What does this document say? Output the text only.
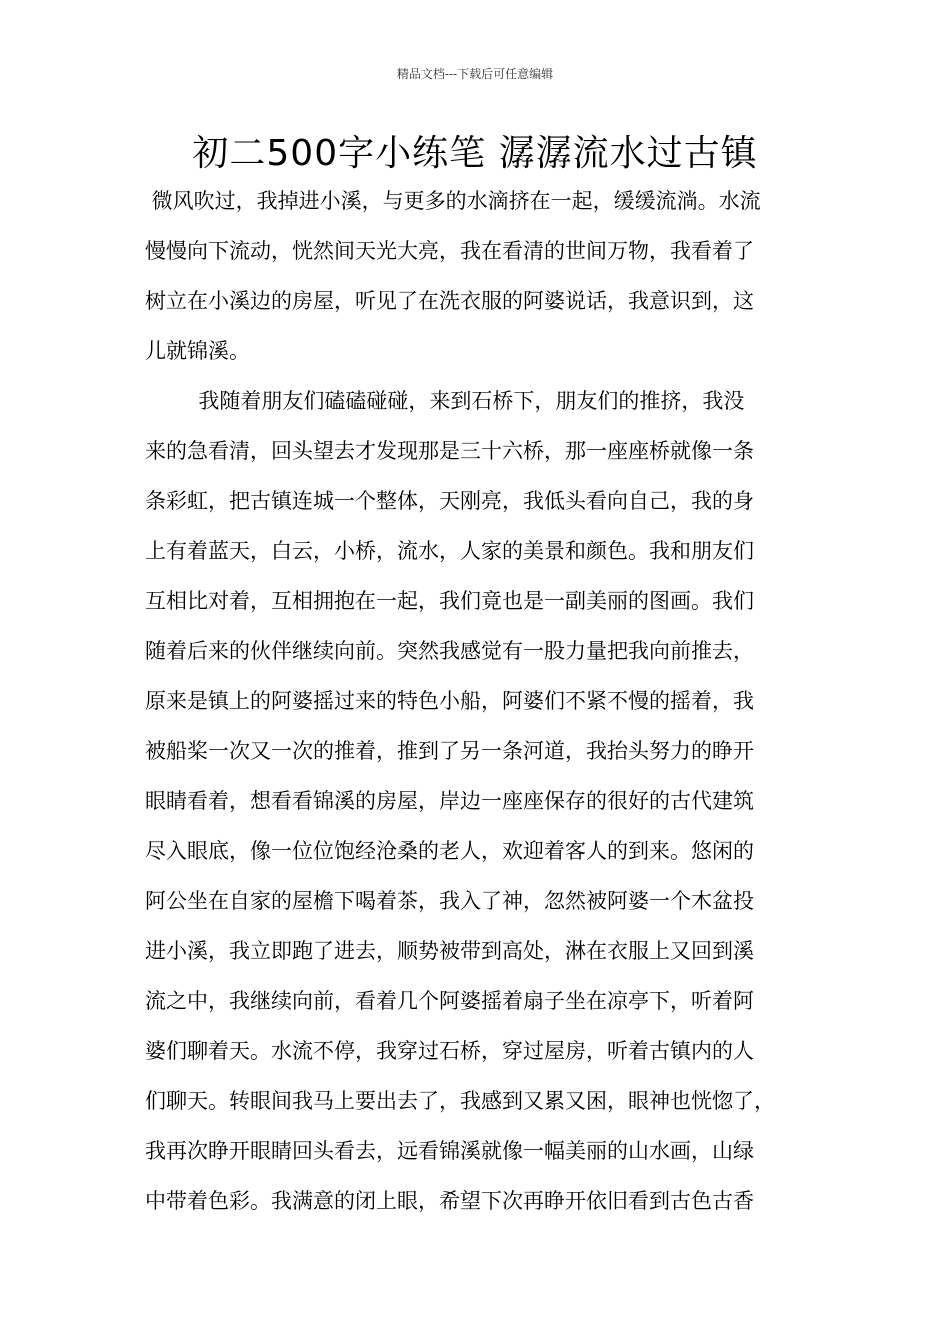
精品文档---下载后可任意编辑
初二500字小练笔 潺潺流水过古镇
微风吹过，我掉进小溪，与更多的水滴挤在一起，缓缓流淌。水流
慢慢向下流动，恍然间天光大亮，我在看清的世间万物，我看着了
树立在小溪边的房屋，听见了在洗衣服的阿婆说话，我意识到，这
儿就锦溪。
我随着朋友们磕磕碰碰，来到石桥下，朋友们的推挤，我没
来的急看清，回头望去才发现那是三十六桥，那一座座桥就像一条
条彩虹，把古镇连城一个整体，天刚亮，我低头看向自己，我的身
上有着蓝天，白云，小桥，流水，人家的美景和颜色。我和朋友们
互相比对着，互相拥抱在一起，我们竟也是一副美丽的图画。我们
随着后来的伙伴继续向前。突然我感觉有一股力量把我向前推去，
原来是镇上的阿婆摇过来的特色小船，阿婆们不紧不慢的摇着，我
被船桨一次又一次的推着，推到了另一条河道，我抬头努力的睁开
眼睛看着，想看看锦溪的房屋，岸边一座座保存的很好的古代建筑
尽入眼底，像一位位饱经沧桑的老人，欢迎着客人的到来。悠闲的
阿公坐在自家的屋檐下喝着茶，我入了神，忽然被阿婆一个木盆投
进小溪，我立即跑了进去，顺势被带到高处，淋在衣服上又回到溪
流之中，我继续向前，看着几个阿婆摇着扇子坐在凉亭下，听着阿
婆们聊着天。水流不停，我穿过石桥，穿过屋房，听着古镇内的人
们聊天。转眼间我马上要出去了，我感到又累又困，眼神也恍惚了，
我再次睁开眼睛回头看去，远看锦溪就像一幅美丽的山水画，山绿
中带着色彩。我满意的闭上眼，希望下次再睁开依旧看到古色古香
